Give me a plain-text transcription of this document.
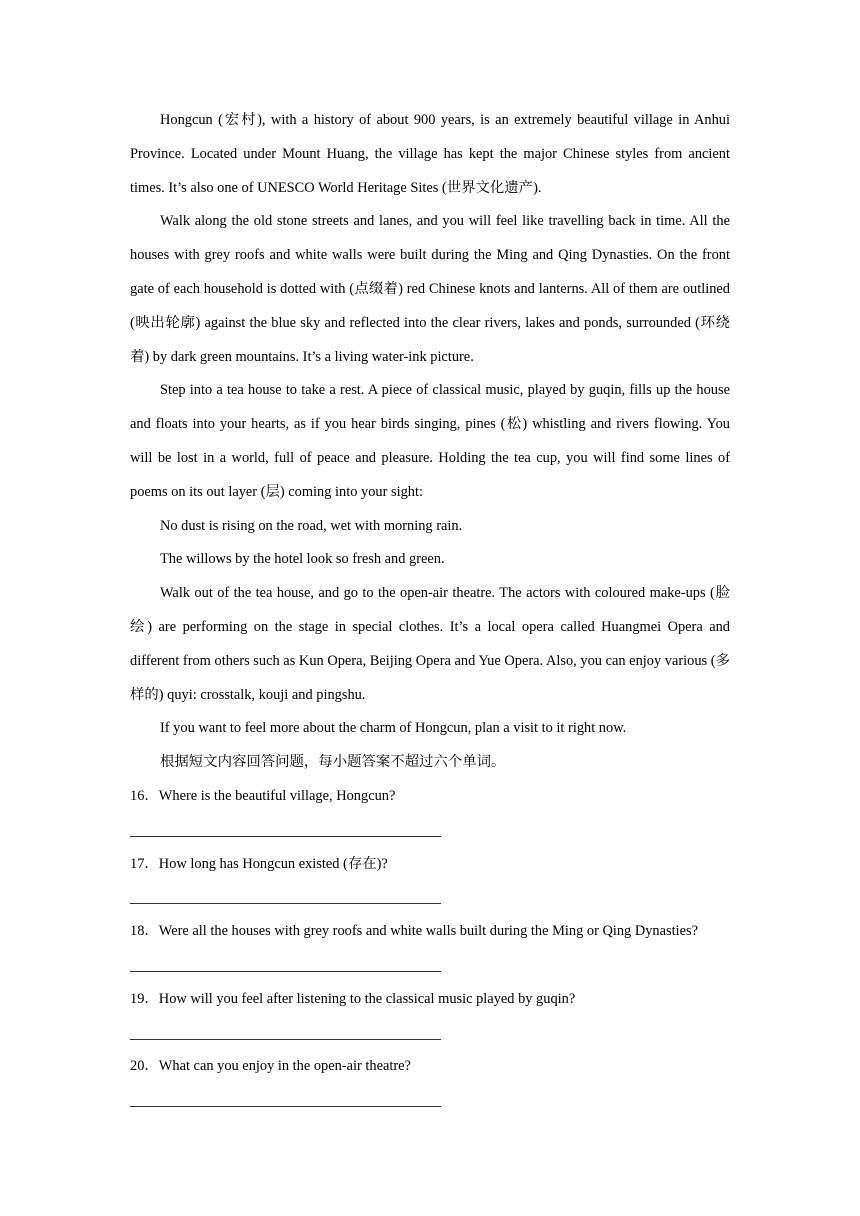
Hongcun (宏村), with a history of about 900 years, is an extremely beautiful village in Anhui Province. Located under Mount Huang, the village has kept the major Chinese styles from ancient times. It’s also one of UNESCO World Heritage Sites (世界文化遗产).

Walk along the old stone streets and lanes, and you will feel like travelling back in time. All the houses with grey roofs and white walls were built during the Ming and Qing Dynasties. On the front gate of each household is dotted with (点缀着) red Chinese knots and lanterns. All of them are outlined (映出轮廓) against the blue sky and reflected into the clear rivers, lakes and ponds, surrounded (环绕着) by dark green mountains. It’s a living water-ink picture.

Step into a tea house to take a rest. A piece of classical music, played by guqin, fills up the house and floats into your hearts, as if you hear birds singing, pines (松) whistling and rivers flowing. You will be lost in a world, full of peace and pleasure. Holding the tea cup, you will find some lines of poems on its out layer (层) coming into your sight:

No dust is rising on the road, wet with morning rain.

The willows by the hotel look so fresh and green.

Walk out of the tea house, and go to the open-air theatre. The actors with coloured make-ups (脸绘) are performing on the stage in special clothes. It’s a local opera called Huangmei Opera and different from others such as Kun Opera, Beijing Opera and Yue Opera. Also, you can enjoy various (多样的) quyi: crosstalk, kouji and pingshu.

If you want to feel more about the charm of Hongcun, plan a visit to it right now.

根据短文内容回答问题，每小题答案不超过六个单词。

16．Where is the beautiful village, Hongcun?
17．How long has Hongcun existed (存在)?
18．Were all the houses with grey roofs and white walls built during the Ming or Qing Dynasties?
19．How will you feel after listening to the classical music played by guqin?
20．What can you enjoy in the open-air theatre?
